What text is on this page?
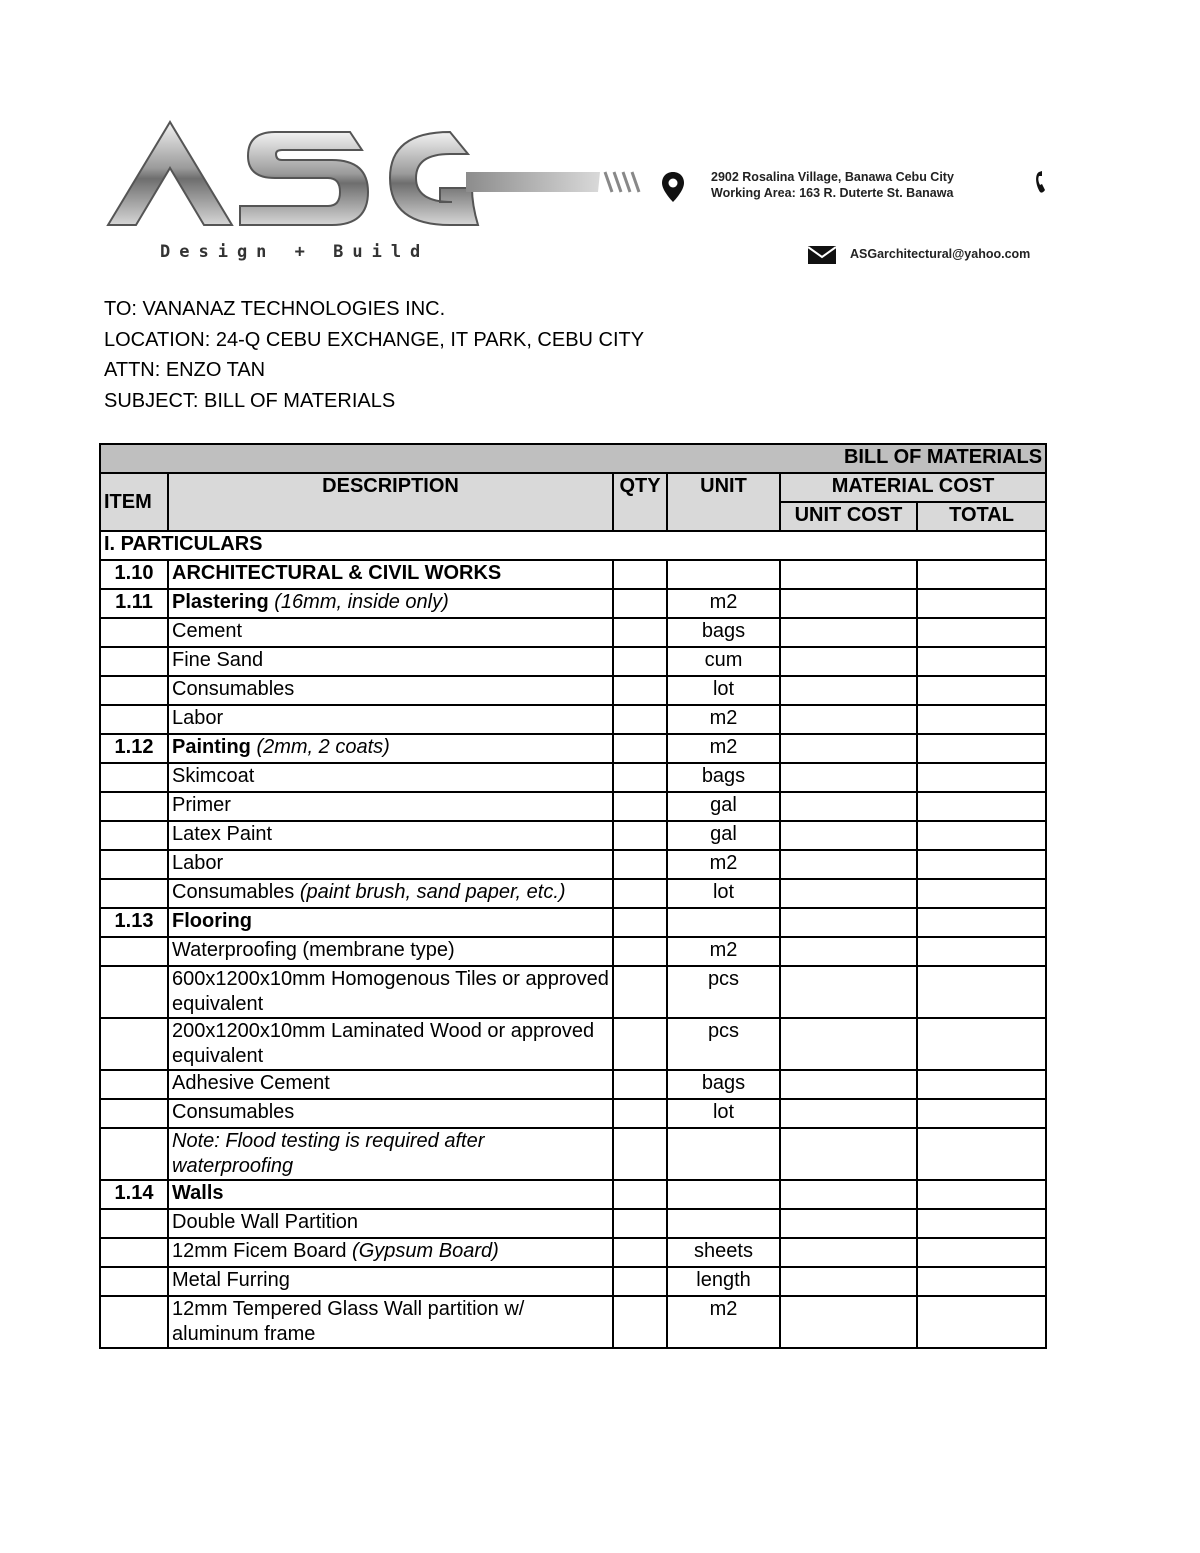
Design + Build
2902 Rosalina Village, Banawa Cebu City
Working Area: 163 R. Duterte St. Banawa
ASGarchitectural@yahoo.com
TO: VANANAZ TECHNOLOGIES INC.
LOCATION: 24-Q CEBU EXCHANGE, IT PARK, CEBU CITY
ATTN: ENZO TAN
SUBJECT: BILL OF MATERIALS
BILL OF MATERIALS					
ITEM	DESCRIPTION	QTY	UNIT	MATERIAL COST	
				UNIT COST	TOTAL
I. PARTICULARS					
1.10	ARCHITECTURAL & CIVIL WORKS				
1.11	Plastering (16mm, inside only)		m2		
	Cement		bags		
	Fine Sand		cum		
	Consumables		lot		
	Labor		m2		
1.12	Painting (2mm, 2 coats)		m2		
	Skimcoat		bags		
	Primer		gal		
	Latex Paint		gal		
	Labor		m2		
	Consumables (paint brush, sand paper, etc.)		lot		
1.13	Flooring				
	Waterproofing (membrane type)		m2		
	600x1200x10mm Homogenous Tiles or approved equivalent		pcs		
	200x1200x10mm Laminated Wood or approved equivalent		pcs		
	Adhesive Cement		bags		
	Consumables		lot		
	Note: Flood testing is required after waterproofing				
1.14	Walls				
	Double Wall Partition				
	12mm Ficem Board (Gypsum Board)		sheets		
	Metal Furring		length		
	12mm Tempered Glass Wall partition w/ aluminum frame		m2		
